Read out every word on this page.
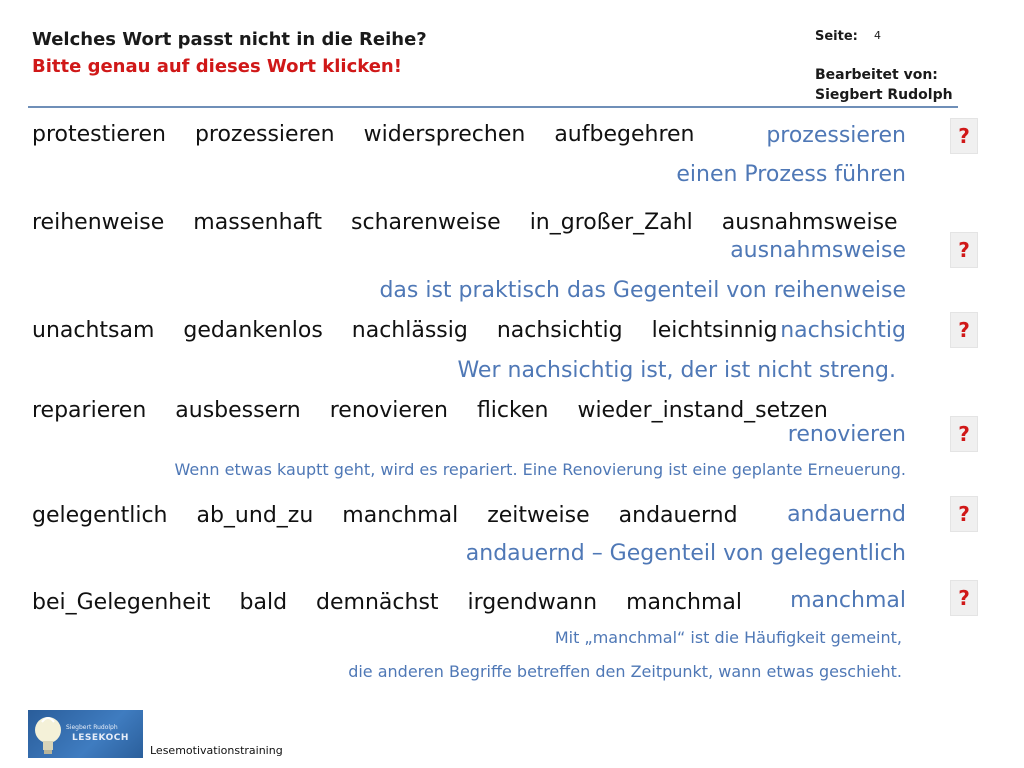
Welches Wort passt nicht in die Reihe?
Bitte genau auf dieses Wort klicken!
Seite: 4
Bearbeitet von:
Siegbert Rudolph
protestieren prozessieren widersprechen aufbegehren	prozessieren
einen Prozess führen
?
reihenweise massenhaft scharenweise in_großer_Zahl ausnahmsweise
ausnahmsweise
das ist praktisch das Gegenteil von reihenweise
?
unachtsam gedankenlos nachlässig nachsichtig leichtsinnig nachsichtig
Wer nachsichtig ist, der ist nicht streng.
?
reparieren ausbessern renovieren flicken wieder_instand_setzen
renovieren
Wenn etwas kauptt geht, wird es repariert. Eine Renovierung ist eine geplante Erneuerung.
?
gelegentlich ab_und_zu manchmal zeitweise andauernd	andauernd
andauernd – Gegenteil von gelegentlich
?
bei_Gelegenheit bald demnächst irgendwann manchmal	manchmal
Mit „manchmal“ ist die Häufigkeit gemeint,
die anderen Begriffe betreffen den Zeitpunkt, wann etwas geschieht.
?
Siegbert Rudolph
LESEKOCH
Lesemotivationstraining
